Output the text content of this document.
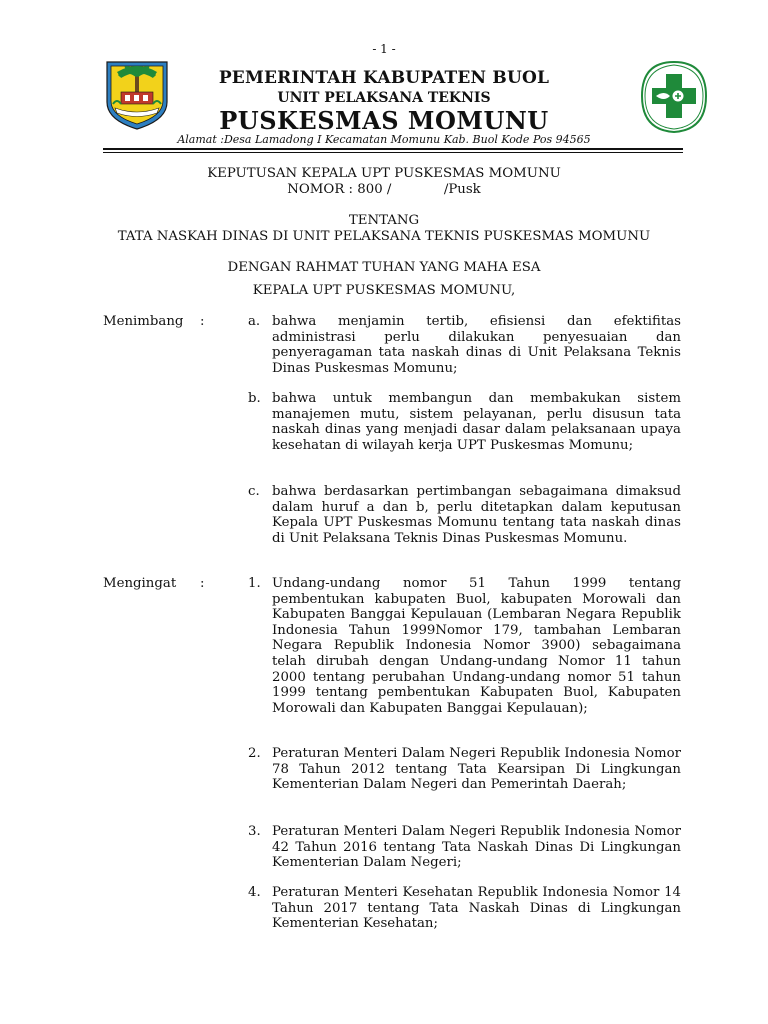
- 1 -
PEMERINTAH KABUPATEN BUOL
UNIT PELAKSANA TEKNIS
PUSKESMAS MOMUNU
Alamat :Desa Lamadong I Kecamatan Momunu Kab. Buol Kode Pos 94565
KEPUTUSAN KEPALA UPT PUSKESMAS MOMUNU
NOMOR : 800 /	/Pusk
TENTANG
TATA NASKAH DINAS DI UNIT PELAKSANA TEKNIS PUSKESMAS MOMUNU
DENGAN RAHMAT TUHAN YANG MAHA ESA
KEPALA UPT PUSKESMAS MOMUNU,
Menimbang :	a. bahwa menjamin tertib, efisiensi dan efektifitas administrasi perlu dilakukan penyesuaian dan penyeragaman tata naskah dinas di Unit Pelaksana Teknis Dinas Puskesmas Momunu;
b. bahwa untuk membangun dan membakukan sistem manajemen mutu, sistem pelayanan, perlu disusun tata naskah dinas yang menjadi dasar dalam pelaksanaan upaya kesehatan di wilayah kerja UPT Puskesmas Momunu;
c. bahwa berdasarkan pertimbangan sebagaimana dimaksud dalam huruf a dan b, perlu ditetapkan dalam keputusan Kepala UPT Puskesmas Momunu tentang tata naskah dinas di Unit Pelaksana Teknis Dinas Puskesmas Momunu.
Mengingat :	1. Undang-undang nomor 51 Tahun 1999 tentang pembentukan kabupaten Buol, kabupaten Morowali dan Kabupaten Banggai Kepulauan (Lembaran Negara Republik Indonesia Tahun 1999Nomor 179, tambahan Lembaran Negara Republik Indonesia Nomor 3900) sebagaimana telah dirubah dengan Undang-undang Nomor 11 tahun 2000 tentang perubahan Undang-undang nomor 51 tahun 1999 tentang pembentukan Kabupaten Buol, Kabupaten Morowali dan Kabupaten Banggai Kepulauan);
2. Peraturan Menteri Dalam Negeri Republik Indonesia Nomor 78 Tahun 2012 tentang Tata Kearsipan Di Lingkungan Kementerian Dalam Negeri dan Pemerintah Daerah;
3. Peraturan Menteri Dalam Negeri Republik Indonesia Nomor 42 Tahun 2016 tentang Tata Naskah Dinas Di Lingkungan Kementerian Dalam Negeri;
4. Peraturan Menteri Kesehatan Republik Indonesia Nomor 14 Tahun 2017 tentang Tata Naskah Dinas di Lingkungan Kementerian Kesehatan;
